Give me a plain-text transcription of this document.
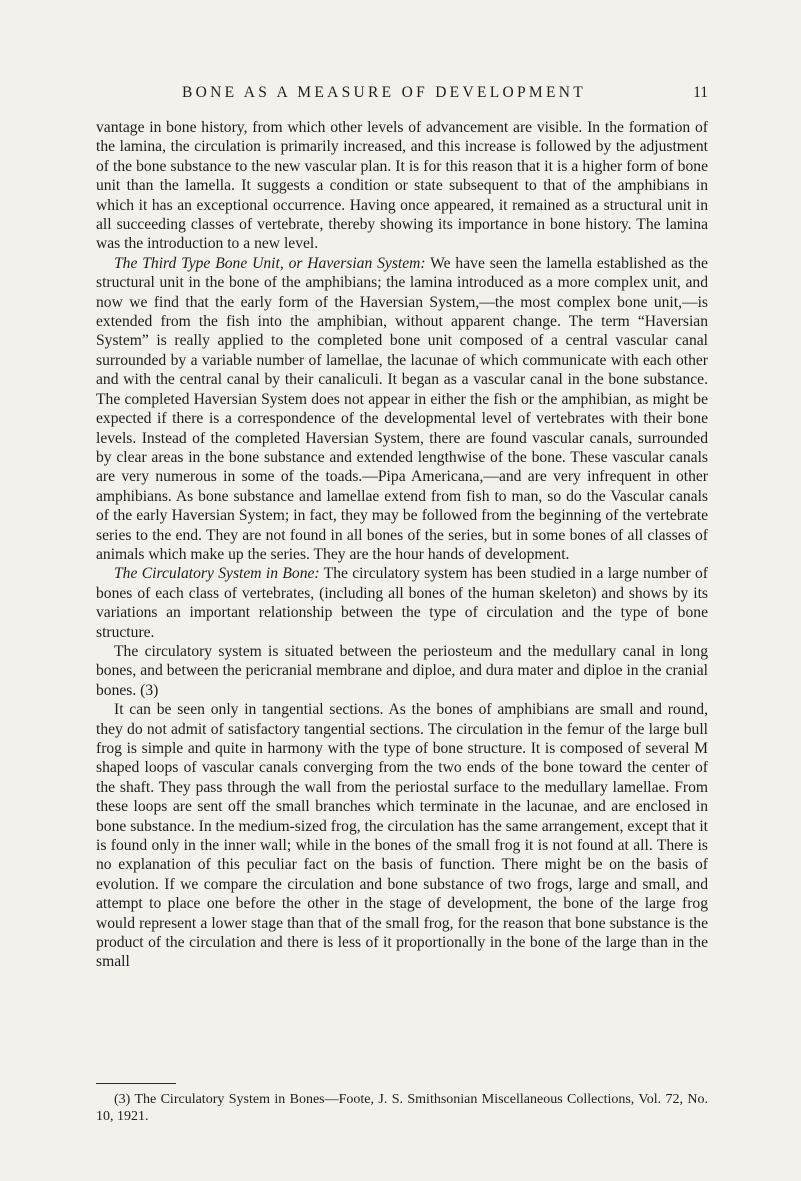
BONE AS A MEASURE OF DEVELOPMENT	11

vantage in bone history, from which other levels of advancement are visible. In the formation of the lamina, the circulation is primarily increased, and this increase is followed by the adjustment of the bone substance to the new vascular plan. It is for this reason that it is a higher form of bone unit than the lamella. It suggests a condition or state subsequent to that of the amphibians in which it has an exceptional occurrence. Having once appeared, it remained as a structural unit in all succeeding classes of vertebrate, thereby showing its importance in bone history. The lamina was the introduction to a new level.

The Third Type Bone Unit, or Haversian System: We have seen the lamella established as the structural unit in the bone of the amphibians; the lamina introduced as a more complex unit, and now we find that the early form of the Haversian System,—the most complex bone unit,—is extended from the fish into the amphibian, without apparent change. The term “Haversian System” is really applied to the completed bone unit composed of a central vascular canal surrounded by a variable number of lamellae, the lacunae of which communicate with each other and with the central canal by their canaliculi. It began as a vascular canal in the bone substance. The completed Haversian System does not appear in either the fish or the amphibian, as might be expected if there is a correspondence of the developmental level of vertebrates with their bone levels. Instead of the completed Haversian System, there are found vascular canals, surrounded by clear areas in the bone substance and extended lengthwise of the bone. These vascular canals are very numerous in some of the toads.—Pipa Americana,—and are very infrequent in other amphibians. As bone substance and lamellae extend from fish to man, so do the Vascular canals of the early Haversian System; in fact, they may be followed from the beginning of the vertebrate series to the end. They are not found in all bones of the series, but in some bones of all classes of animals which make up the series. They are the hour hands of development.

The Circulatory System in Bone: The circulatory system has been studied in a large number of bones of each class of vertebrates, (including all bones of the human skeleton) and shows by its variations an important relationship between the type of circulation and the type of bone structure.

The circulatory system is situated between the periosteum and the medullary canal in long bones, and between the pericranial membrane and diploe, and dura mater and diploe in the cranial bones. (3)

It can be seen only in tangential sections. As the bones of amphibians are small and round, they do not admit of satisfactory tangential sections. The circulation in the femur of the large bull frog is simple and quite in harmony with the type of bone structure. It is composed of several M shaped loops of vascular canals converging from the two ends of the bone toward the center of the shaft. They pass through the wall from the periostal surface to the medullary lamellae. From these loops are sent off the small branches which terminate in the lacunae, and are enclosed in bone substance. In the medium-sized frog, the circulation has the same arrangement, except that it is found only in the inner wall; while in the bones of the small frog it is not found at all. There is no explanation of this peculiar fact on the basis of function. There might be on the basis of evolution. If we compare the circulation and bone substance of two frogs, large and small, and attempt to place one before the other in the stage of development, the bone of the large frog would represent a lower stage than that of the small frog, for the reason that bone substance is the product of the circulation and there is less of it proportionally in the bone of the large than in the small

(3) The Circulatory System in Bones—Foote, J. S. Smithsonian Miscellaneous Collections, Vol. 72, No. 10, 1921.
